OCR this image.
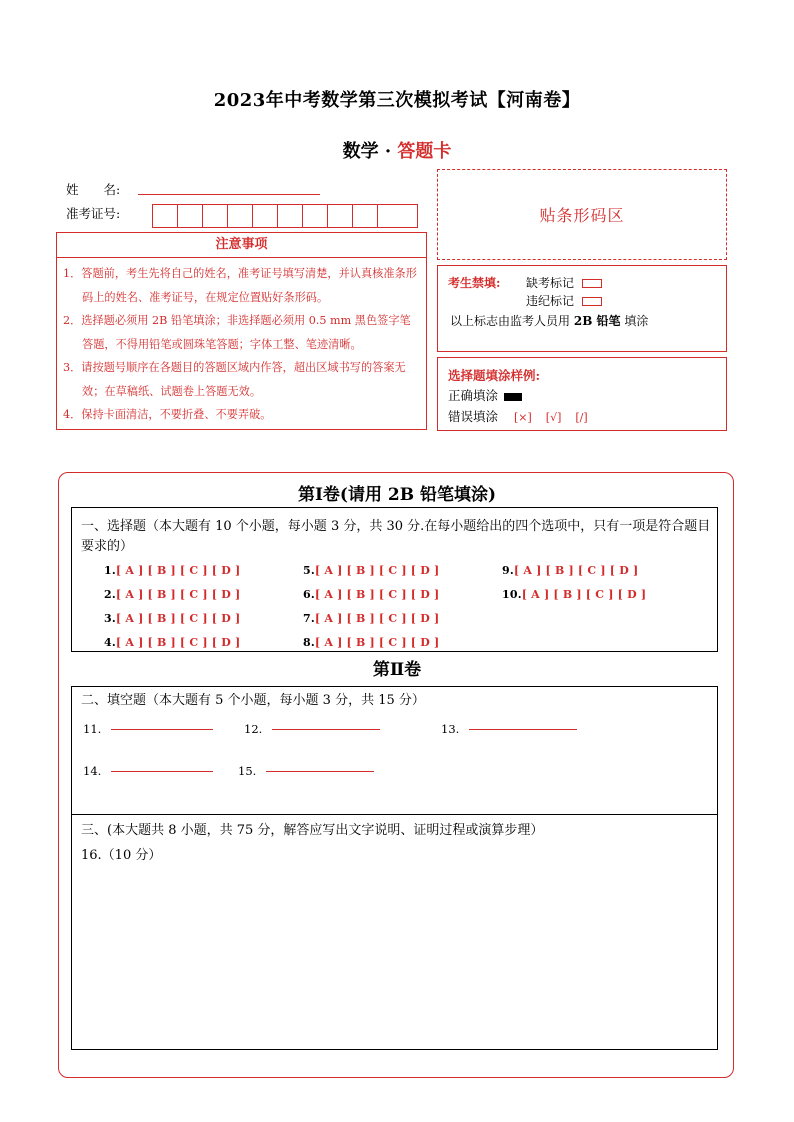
2023年中考数学第三次模拟考试【河南卷】
数学 · 答题卡
姓　　名:
准考证号:	贴条形码区
注意事项
1．答题前，考生先将自己的姓名，准考证号填写清楚，并认真核准条形码上的姓名、准考证号，在规定位置贴好条形码。
2．选择题必须用 2B 铅笔填涂；非选择题必须用 0.5 mm 黑色签字笔答题，不得用铅笔或圆珠笔答题；字体工整、笔迹清晰。
3．请按题号顺序在各题目的答题区域内作答，超出区域书写的答案无效；在草稿纸、试题卷上答题无效。
4．保持卡面清洁，不要折叠、不要弄破。
考生禁填: 缺考标记
违纪标记
以上标志由监考人员用 2B 铅笔 填涂
选择题填涂样例:
正确填涂
错误填涂 [×] [√] [/]
第Ⅰ卷(请用 2B 铅笔填涂)
一、选择题（本大题有 10 个小题，每小题 3 分，共 30 分.在每小题给出的四个选项中，只有一项是符合题目要求的）
1.[ A ] [ B ] [ C ] [ D ]
2.[ A ] [ B ] [ C ] [ D ]
3.[ A ] [ B ] [ C ] [ D ]
4.[ A ] [ B ] [ C ] [ D ]
5.[ A ] [ B ] [ C ] [ D ]
6.[ A ] [ B ] [ C ] [ D ]
7.[ A ] [ B ] [ C ] [ D ]
8.[ A ] [ B ] [ C ] [ D ]
9.[ A ] [ B ] [ C ] [ D ]
10.[ A ] [ B ] [ C ] [ D ]
第Ⅱ卷
二、填空题（本大题有 5 个小题，每小题 3 分，共 15 分）
11.	12.	13.
14.	15.
三、(本大题共 8 小题，共 75 分，解答应写出文字说明、证明过程或演算步理）
16.（10 分）
